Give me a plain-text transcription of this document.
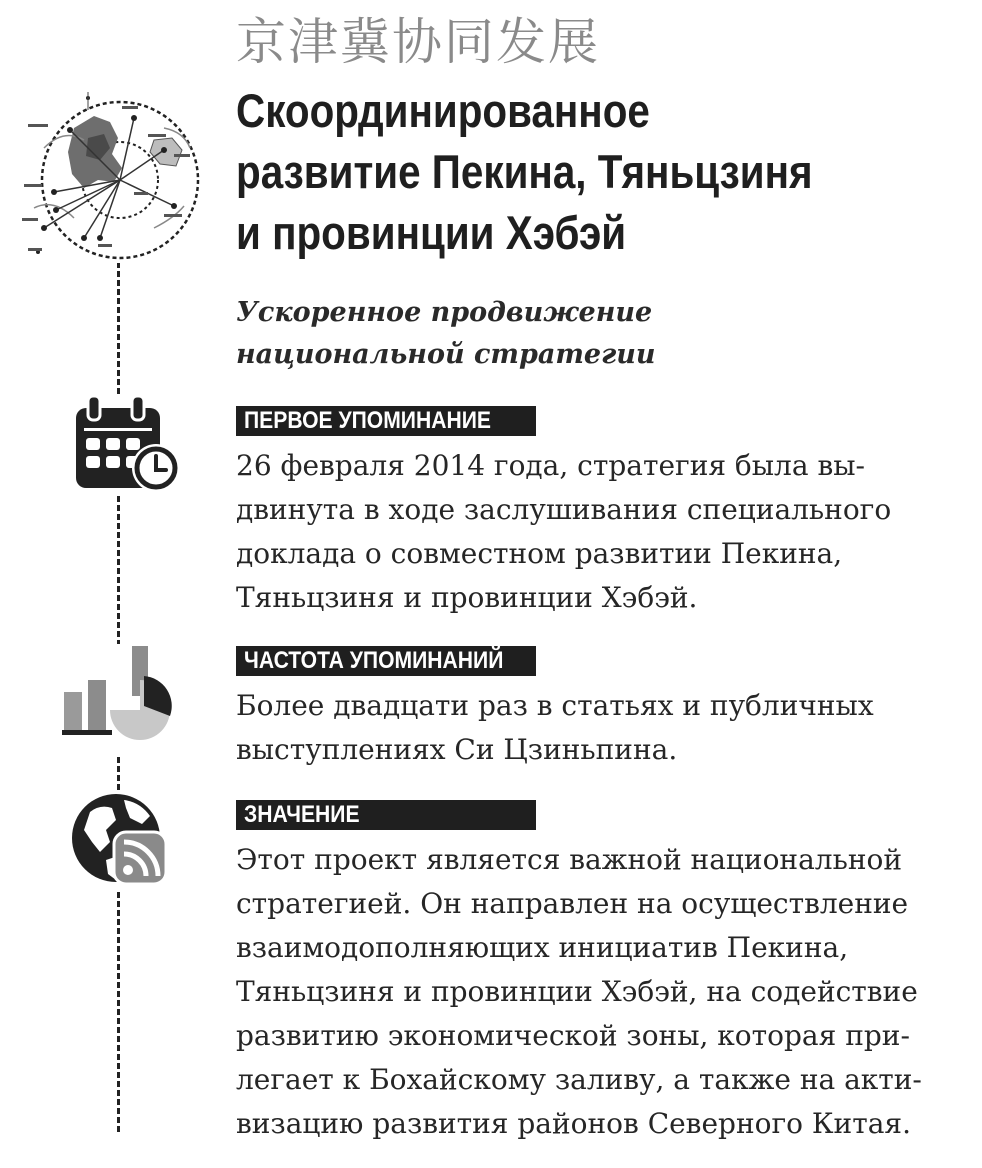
京津冀协同发展
Скоординированное
развитие Пекина, Тяньцзиня
и провинции Хэбэй
Ускоренное продвижение
национальной стратегии
ПЕРВОЕ УПОМИНАНИЕ
26 февраля 2014 года, стратегия была вы-
двинута в ходе заслушивания специального
доклада о совместном развитии Пекина,
Тяньцзиня и провинции Хэбэй.
ЧАСТОТА УПОМИНАНИЙ
Более двадцати раз в статьях и публичных
выступлениях Си Цзиньпина.
ЗНАЧЕНИЕ
Этот проект является важной национальной
стратегией. Он направлен на осуществление
взаимодополняющих инициатив Пекина,
Тяньцзиня и провинции Хэбэй, на содействие
развитию экономической зоны, которая при-
легает к Бохайскому заливу, а также на акти-
визацию развития районов Северного Китая.
